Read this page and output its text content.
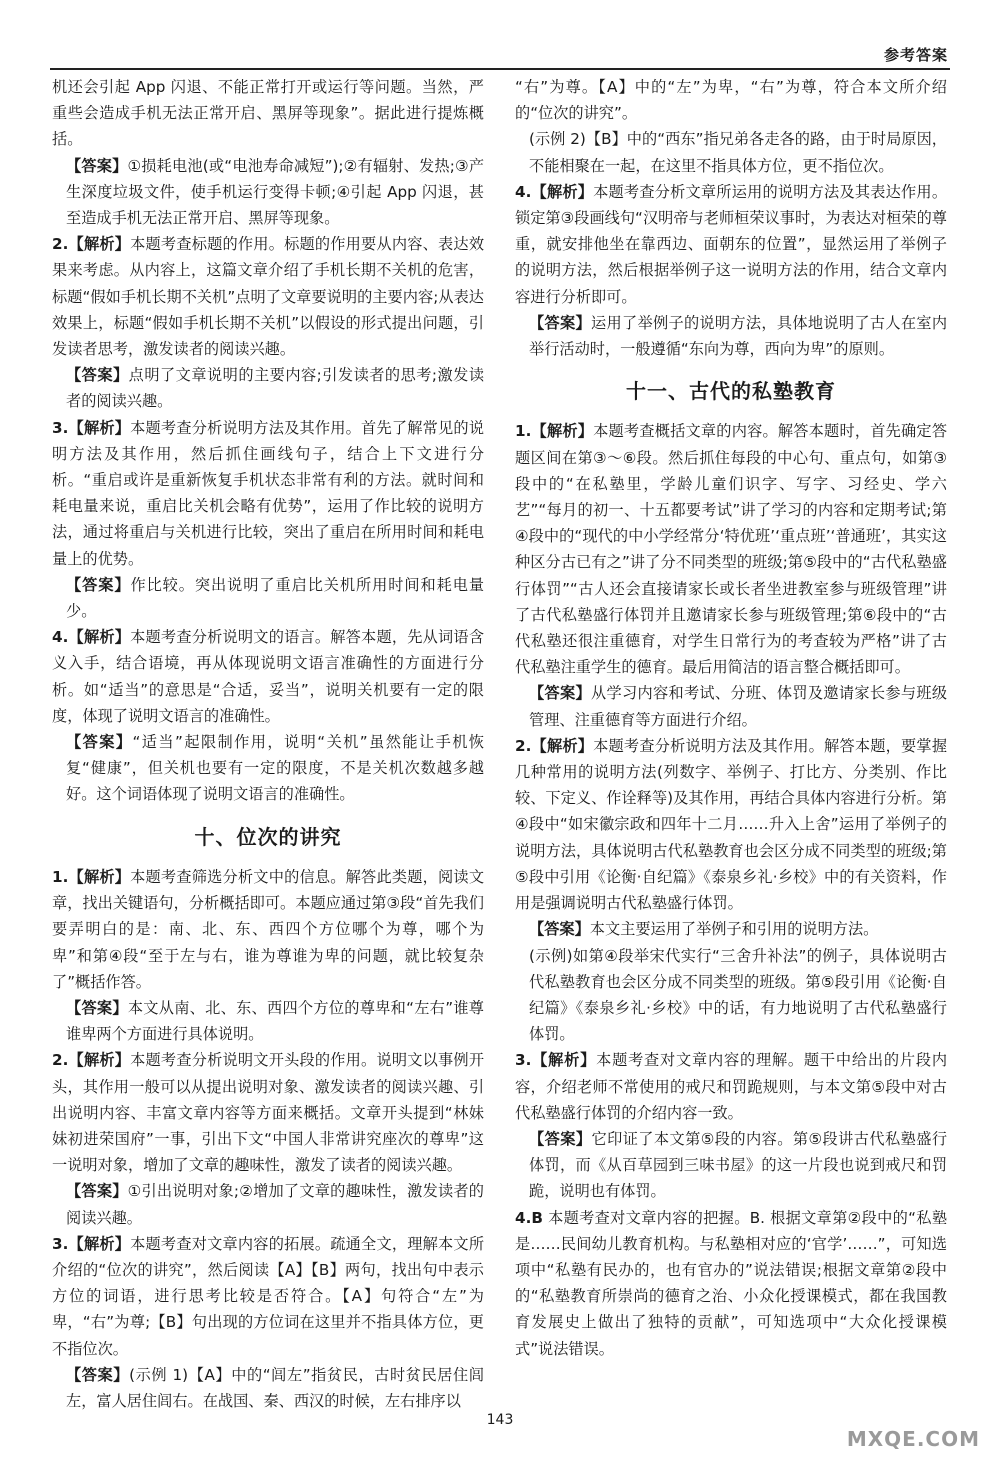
参考答案

机还会引起 App 闪退、不能正常打开或运行等问题。当然，严重些会造成手机无法正常开启、黑屏等现象”。据此进行提炼概括。

【答案】①损耗电池(或“电池寿命减短”);②有辐射、发热;③产生深度垃圾文件，使手机运行变得卡顿;④引起 App 闪退，甚至造成手机无法正常开启、黑屏等现象。

2.【解析】本题考查标题的作用。标题的作用要从内容、表达效果来考虑。从内容上，这篇文章介绍了手机长期不关机的危害，标题“假如手机长期不关机”点明了文章要说明的主要内容;从表达效果上，标题“假如手机长期不关机”以假设的形式提出问题，引发读者思考，激发读者的阅读兴趣。

【答案】点明了文章说明的主要内容;引发读者的思考;激发读者的阅读兴趣。

3.【解析】本题考查分析说明方法及其作用。首先了解常见的说明方法及其作用，然后抓住画线句子，结合上下文进行分析。“重启或许是重新恢复手机状态非常有利的方法。就时间和耗电量来说，重启比关机会略有优势”，运用了作比较的说明方法，通过将重启与关机进行比较，突出了重启在所用时间和耗电量上的优势。

【答案】作比较。突出说明了重启比关机所用时间和耗电量少。

4.【解析】本题考查分析说明文的语言。解答本题，先从词语含义入手，结合语境，再从体现说明文语言准确性的方面进行分析。如“适当”的意思是“合适，妥当”，说明关机要有一定的限度，体现了说明文语言的准确性。

【答案】“适当”起限制作用，说明“关机”虽然能让手机恢复“健康”，但关机也要有一定的限度，不是关机次数越多越好。这个词语体现了说明文语言的准确性。

十、位次的讲究

1.【解析】本题考查筛选分析文中的信息。解答此类题，阅读文章，找出关键语句，分析概括即可。本题应通过第③段“首先我们要弄明白的是：南、北、东、西四个方位哪个为尊，哪个为卑”和第④段“至于左与右，谁为尊谁为卑的问题，就比较复杂了”概括作答。

【答案】本文从南、北、东、西四个方位的尊卑和“左右”谁尊谁卑两个方面进行具体说明。

2.【解析】本题考查分析说明文开头段的作用。说明文以事例开头，其作用一般可以从提出说明对象、激发读者的阅读兴趣、引出说明内容、丰富文章内容等方面来概括。文章开头提到“林妹妹初进荣国府”一事，引出下文“中国人非常讲究座次的尊卑”这一说明对象，增加了文章的趣味性，激发了读者的阅读兴趣。

【答案】①引出说明对象;②增加了文章的趣味性，激发读者的阅读兴趣。

3.【解析】本题考查对文章内容的拓展。疏通全文，理解本文所介绍的“位次的讲究”，然后阅读【A】【B】两句，找出句中表示方位的词语，进行思考比较是否符合。【A】句符合“左”为卑，“右”为尊;【B】句出现的方位词在这里并不指具体方位，更不指位次。

【答案】(示例 1)【A】中的“闾左”指贫民，古时贫民居住闾左，富人居住闾右。在战国、秦、西汉的时候，左右排序以

“右”为尊。【A】中的“左”为卑，“右”为尊，符合本文所介绍的“位次的讲究”。

(示例 2)【B】中的“西东”指兄弟各走各的路，由于时局原因，不能相聚在一起，在这里不指具体方位，更不指位次。

4.【解析】本题考查分析文章所运用的说明方法及其表达作用。锁定第③段画线句“汉明帝与老师桓荣议事时，为表达对桓荣的尊重，就安排他坐在靠西边、面朝东的位置”，显然运用了举例子的说明方法，然后根据举例子这一说明方法的作用，结合文章内容进行分析即可。

【答案】运用了举例子的说明方法，具体地说明了古人在室内举行活动时，一般遵循“东向为尊，西向为卑”的原则。

十一、古代的私塾教育

1.【解析】本题考查概括文章的内容。解答本题时，首先确定答题区间在第③～⑥段。然后抓住每段的中心句、重点句，如第③段中的“在私塾里，学龄儿童们识字、写字、习经史、学六艺”“每月的初一、十五都要考试”讲了学习的内容和定期考试;第④段中的“现代的中小学经常分‘特优班’‘重点班’‘普通班’，其实这种区分古已有之”讲了分不同类型的班级;第⑤段中的“古代私塾盛行体罚”“古人还会直接请家长或长者坐进教室参与班级管理”讲了古代私塾盛行体罚并且邀请家长参与班级管理;第⑥段中的“古代私塾还很注重德育，对学生日常行为的考查较为严格”讲了古代私塾注重学生的德育。最后用简洁的语言整合概括即可。

【答案】从学习内容和考试、分班、体罚及邀请家长参与班级管理、注重德育等方面进行介绍。

2.【解析】本题考查分析说明方法及其作用。解答本题，要掌握几种常用的说明方法(列数字、举例子、打比方、分类别、作比较、下定义、作诠释等)及其作用，再结合具体内容进行分析。第④段中“如宋徽宗政和四年十二月……升入上舍”运用了举例子的说明方法，具体说明古代私塾教育也会区分成不同类型的班级;第⑤段中引用《论衡·自纪篇》《泰泉乡礼·乡校》中的有关资料，作用是强调说明古代私塾盛行体罚。

【答案】本文主要运用了举例子和引用的说明方法。

(示例)如第④段举宋代实行“三舍升补法”的例子，具体说明古代私塾教育也会区分成不同类型的班级。第⑤段引用《论衡·自纪篇》《泰泉乡礼·乡校》中的话，有力地说明了古代私塾盛行体罚。

3.【解析】本题考查对文章内容的理解。题干中给出的片段内容，介绍老师不常使用的戒尺和罚跪规则，与本文第⑤段中对古代私塾盛行体罚的介绍内容一致。

【答案】它印证了本文第⑤段的内容。第⑤段讲古代私塾盛行体罚，而《从百草园到三味书屋》的这一片段也说到戒尺和罚跪，说明也有体罚。

4.B 本题考查对文章内容的把握。B. 根据文章第②段中的“私塾是……民间幼儿教育机构。与私塾相对应的‘官学’……”，可知选项中“私塾有民办的，也有官办的”说法错误;根据文章第②段中的“私塾教育所崇尚的德育之治、小众化授课模式，都在我国教育发展史上做出了独特的贡献”，可知选项中“大众化授课模式”说法错误。

143
MXQE.COM
